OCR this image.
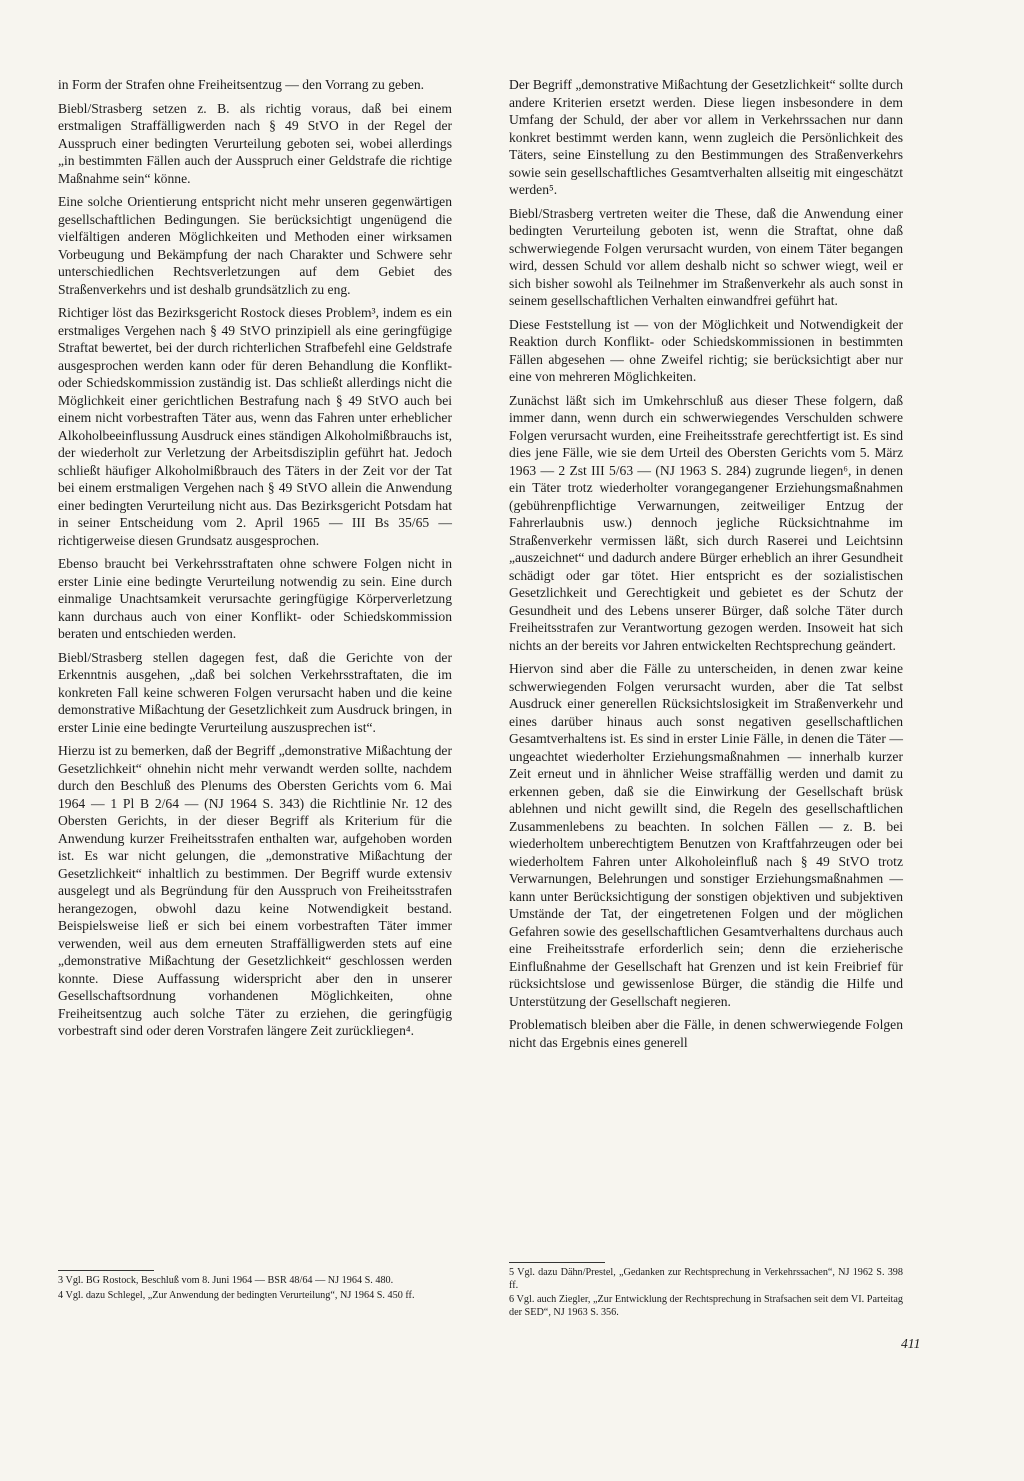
in Form der Strafen ohne Freiheitsentzug — den Vorrang zu geben.

Biebl/Strasberg setzen z. B. als richtig voraus, daß bei einem erstmaligen Straffälligwerden nach § 49 StVO in der Regel der Ausspruch einer bedingten Verurteilung geboten sei, wobei allerdings „in bestimmten Fällen auch der Ausspruch einer Geldstrafe die richtige Maßnahme sein“ könne.

Eine solche Orientierung entspricht nicht mehr unseren gegenwärtigen gesellschaftlichen Bedingungen. Sie berücksichtigt ungenügend die vielfältigen anderen Möglichkeiten und Methoden einer wirksamen Vorbeugung und Bekämpfung der nach Charakter und Schwere sehr unterschiedlichen Rechtsverletzungen auf dem Gebiet des Straßenverkehrs und ist deshalb grundsätzlich zu eng.

Richtiger löst das Bezirksgericht Rostock dieses Problem³, indem es ein erstmaliges Vergehen nach § 49 StVO prinzipiell als eine geringfügige Straftat bewertet, bei der durch richterlichen Strafbefehl eine Geldstrafe ausgesprochen werden kann oder für deren Behandlung die Konflikt- oder Schiedskommission zuständig ist. Das schließt allerdings nicht die Möglichkeit einer gerichtlichen Bestrafung nach § 49 StVO auch bei einem nicht vorbestraften Täter aus, wenn das Fahren unter erheblicher Alkoholbeeinflussung Ausdruck eines ständigen Alkoholmißbrauchs ist, der wiederholt zur Verletzung der Arbeitsdisziplin geführt hat. Jedoch schließt häufiger Alkoholmißbrauch des Täters in der Zeit vor der Tat bei einem erstmaligen Vergehen nach § 49 StVO allein die Anwendung einer bedingten Verurteilung nicht aus. Das Bezirksgericht Potsdam hat in seiner Entscheidung vom 2. April 1965 — III Bs 35/65 — richtigerweise diesen Grundsatz ausgesprochen.

Ebenso braucht bei Verkehrsstraftaten ohne schwere Folgen nicht in erster Linie eine bedingte Verurteilung notwendig zu sein. Eine durch einmalige Unachtsamkeit verursachte geringfügige Körperverletzung kann durchaus auch von einer Konflikt- oder Schiedskommission beraten und entschieden werden.

Biebl/Strasberg stellen dagegen fest, daß die Gerichte von der Erkenntnis ausgehen, „daß bei solchen Verkehrsstraftaten, die im konkreten Fall keine schweren Folgen verursacht haben und die keine demonstrative Mißachtung der Gesetzlichkeit zum Ausdruck bringen, in erster Linie eine bedingte Verurteilung auszusprechen ist“.

Hierzu ist zu bemerken, daß der Begriff „demonstrative Mißachtung der Gesetzlichkeit“ ohnehin nicht mehr verwandt werden sollte, nachdem durch den Beschluß des Plenums des Obersten Gerichts vom 6. Mai 1964 — 1 Pl B 2/64 — (NJ 1964 S. 343) die Richtlinie Nr. 12 des Obersten Gerichts, in der dieser Begriff als Kriterium für die Anwendung kurzer Freiheitsstrafen enthalten war, aufgehoben worden ist. Es war nicht gelungen, die „demonstrative Mißachtung der Gesetzlichkeit“ inhaltlich zu bestimmen. Der Begriff wurde extensiv ausgelegt und als Begründung für den Ausspruch von Freiheitsstrafen herangezogen, obwohl dazu keine Notwendigkeit bestand. Beispielsweise ließ er sich bei einem vorbestraften Täter immer verwenden, weil aus dem erneuten Straffälligwerden stets auf eine „demonstrative Mißachtung der Gesetzlichkeit“ geschlossen werden konnte. Diese Auffassung widerspricht aber den in unserer Gesellschaftsordnung vorhandenen Möglichkeiten, ohne Freiheitsentzug auch solche Täter zu erziehen, die geringfügig vorbestraft sind oder deren Vorstrafen längere Zeit zurückliegen⁴.

3 Vgl. BG Rostock, Beschluß vom 8. Juni 1964 — BSR 48/64 — NJ 1964 S. 480.

4 Vgl. dazu Schlegel, „Zur Anwendung der bedingten Verurteilung“, NJ 1964 S. 450 ff.

Der Begriff „demonstrative Mißachtung der Gesetzlichkeit“ sollte durch andere Kriterien ersetzt werden. Diese liegen insbesondere in dem Umfang der Schuld, der aber vor allem in Verkehrssachen nur dann konkret bestimmt werden kann, wenn zugleich die Persönlichkeit des Täters, seine Einstellung zu den Bestimmungen des Straßenverkehrs sowie sein gesellschaftliches Gesamtverhalten allseitig mit eingeschätzt werden⁵.

Biebl/Strasberg vertreten weiter die These, daß die Anwendung einer bedingten Verurteilung geboten ist, wenn die Straftat, ohne daß schwerwiegende Folgen verursacht wurden, von einem Täter begangen wird, dessen Schuld vor allem deshalb nicht so schwer wiegt, weil er sich bisher sowohl als Teilnehmer im Straßenverkehr als auch sonst in seinem gesellschaftlichen Verhalten einwandfrei geführt hat.

Diese Feststellung ist — von der Möglichkeit und Notwendigkeit der Reaktion durch Konflikt- oder Schiedskommissionen in bestimmten Fällen abgesehen — ohne Zweifel richtig; sie berücksichtigt aber nur eine von mehreren Möglichkeiten.

Zunächst läßt sich im Umkehrschluß aus dieser These folgern, daß immer dann, wenn durch ein schwerwiegendes Verschulden schwere Folgen verursacht wurden, eine Freiheitsstrafe gerechtfertigt ist. Es sind dies jene Fälle, wie sie dem Urteil des Obersten Gerichts vom 5. März 1963 — 2 Zst III 5/63 — (NJ 1963 S. 284) zugrunde liegen⁶, in denen ein Täter trotz wiederholter vorangegangener Erziehungsmaßnahmen (gebührenpflichtige Verwarnungen, zeitweiliger Entzug der Fahrerlaubnis usw.) dennoch jegliche Rücksichtnahme im Straßenverkehr vermissen läßt, sich durch Raserei und Leichtsinn „auszeichnet“ und dadurch andere Bürger erheblich an ihrer Gesundheit schädigt oder gar tötet. Hier entspricht es der sozialistischen Gesetzlichkeit und Gerechtigkeit und gebietet es der Schutz der Gesundheit und des Lebens unserer Bürger, daß solche Täter durch Freiheitsstrafen zur Verantwortung gezogen werden. Insoweit hat sich nichts an der bereits vor Jahren entwickelten Rechtsprechung geändert.

Hiervon sind aber die Fälle zu unterscheiden, in denen zwar keine schwerwiegenden Folgen verursacht wurden, aber die Tat selbst Ausdruck einer generellen Rücksichtslosigkeit im Straßenverkehr und eines darüber hinaus auch sonst negativen gesellschaftlichen Gesamtverhaltens ist. Es sind in erster Linie Fälle, in denen die Täter — ungeachtet wiederholter Erziehungsmaßnahmen — innerhalb kurzer Zeit erneut und in ähnlicher Weise straffällig werden und damit zu erkennen geben, daß sie die Einwirkung der Gesellschaft brüsk ablehnen und nicht gewillt sind, die Regeln des gesellschaftlichen Zusammenlebens zu beachten. In solchen Fällen — z. B. bei wiederholtem unberechtigtem Benutzen von Kraftfahrzeugen oder bei wiederholtem Fahren unter Alkoholeinfluß nach § 49 StVO trotz Verwarnungen, Belehrungen und sonstiger Erziehungsmaßnahmen — kann unter Berücksichtigung der sonstigen objektiven und subjektiven Umstände der Tat, der eingetretenen Folgen und der möglichen Gefahren sowie des gesellschaftlichen Gesamtverhaltens durchaus auch eine Freiheitsstrafe erforderlich sein; denn die erzieherische Einflußnahme der Gesellschaft hat Grenzen und ist kein Freibrief für rücksichtslose und gewissenlose Bürger, die ständig die Hilfe und Unterstützung der Gesellschaft negieren.

Problematisch bleiben aber die Fälle, in denen schwerwiegende Folgen nicht das Ergebnis eines generell

5 Vgl. dazu Dähn/Prestel, „Gedanken zur Rechtsprechung in Verkehrssachen“, NJ 1962 S. 398 ff.

6 Vgl. auch Ziegler, „Zur Entwicklung der Rechtsprechung in Strafsachen seit dem VI. Parteitag der SED“, NJ 1963 S. 356.

411
